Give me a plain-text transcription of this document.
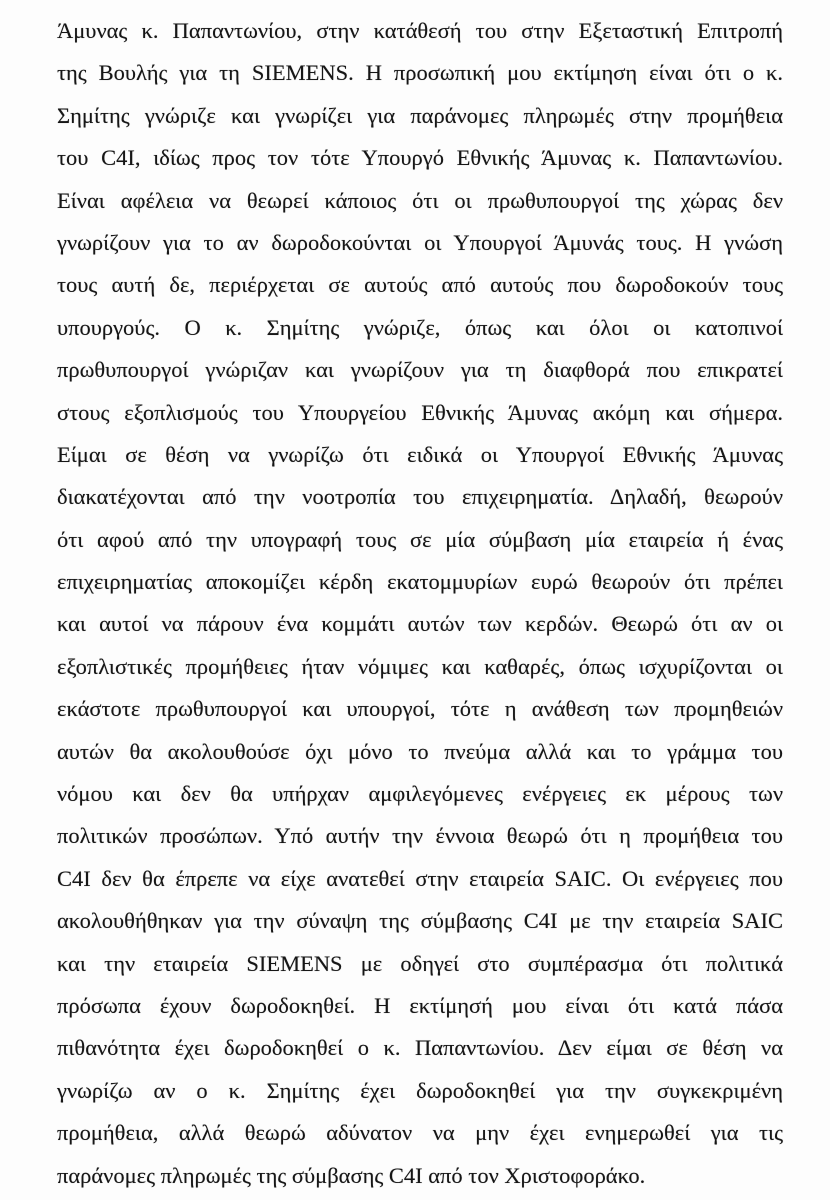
Άμυνας κ. Παπαντωνίου, στην κατάθεσή του στην Εξεταστική Επιτροπή
της Βουλής για τη SIEMENS. Η προσωπική μου εκτίμηση είναι ότι ο κ.
Σημίτης γνώριζε και γνωρίζει για παράνομες πληρωμές στην προμήθεια
του C4I, ιδίως προς τον τότε Υπουργό Εθνικής Άμυνας κ. Παπαντωνίου.
Είναι αφέλεια να θεωρεί κάποιος ότι οι πρωθυπουργοί της χώρας δεν
γνωρίζουν για το αν δωροδοκούνται οι Υπουργοί Άμυνάς τους. Η γνώση
τους αυτή δε, περιέρχεται σε αυτούς από αυτούς που δωροδοκούν τους
υπουργούς. Ο κ. Σημίτης γνώριζε, όπως και όλοι οι κατοπινοί
πρωθυπουργοί γνώριζαν και γνωρίζουν για τη διαφθορά που επικρατεί
στους εξοπλισμούς του Υπουργείου Εθνικής Άμυνας ακόμη και σήμερα.
Είμαι σε θέση να γνωρίζω ότι ειδικά οι Υπουργοί Εθνικής Άμυνας
διακατέχονται από την νοοτροπία του επιχειρηματία. Δηλαδή, θεωρούν
ότι αφού από την υπογραφή τους σε μία σύμβαση μία εταιρεία ή ένας
επιχειρηματίας αποκομίζει κέρδη εκατομμυρίων ευρώ θεωρούν ότι πρέπει
και αυτοί να πάρουν ένα κομμάτι αυτών των κερδών. Θεωρώ ότι αν οι
εξοπλιστικές προμήθειες ήταν νόμιμες και καθαρές, όπως ισχυρίζονται οι
εκάστοτε πρωθυπουργοί και υπουργοί, τότε η ανάθεση των προμηθειών
αυτών θα ακολουθούσε όχι μόνο το πνεύμα αλλά και το γράμμα του
νόμου και δεν θα υπήρχαν αμφιλεγόμενες ενέργειες εκ μέρους των
πολιτικών προσώπων. Υπό αυτήν την έννοια θεωρώ ότι η προμήθεια του
C4I δεν θα έπρεπε να είχε ανατεθεί στην εταιρεία SAIC. Οι ενέργειες που
ακολουθήθηκαν για την σύναψη της σύμβασης C4I με την εταιρεία SAIC
και την εταιρεία SIEMENS με οδηγεί στο συμπέρασμα ότι πολιτικά
πρόσωπα έχουν δωροδοκηθεί. Η εκτίμησή μου είναι ότι κατά πάσα
πιθανότητα έχει δωροδοκηθεί ο κ. Παπαντωνίου. Δεν είμαι σε θέση να
γνωρίζω αν ο κ. Σημίτης έχει δωροδοκηθεί για την συγκεκριμένη
προμήθεια, αλλά θεωρώ αδύνατον να μην έχει ενημερωθεί για τις
παράνομες πληρωμές της σύμβασης C4I από τον Χριστοφοράκο.
